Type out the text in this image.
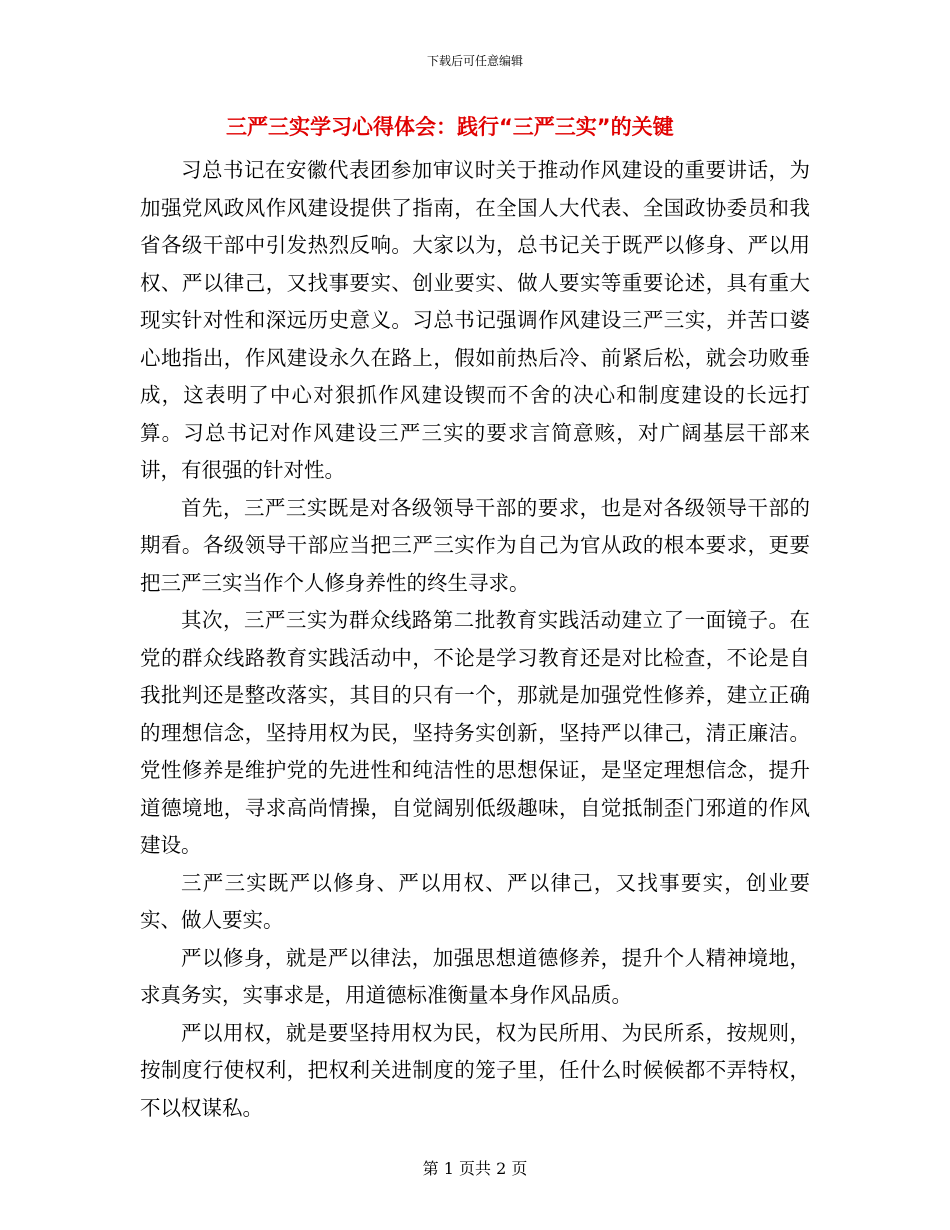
下载后可任意编辑
三严三实学习心得体会：践行“三严三实”的关键

习总书记在安徽代表团参加审议时关于推动作风建设的重要讲话，为加强党风政风作风建设提供了指南，在全国人大代表、全国政协委员和我省各级干部中引发热烈反响。大家以为，总书记关于既严以修身、严以用权、严以律己，又找事要实、创业要实、做人要实等重要论述，具有重大现实针对性和深远历史意义。习总书记强调作风建设三严三实，并苦口婆心地指出，作风建设永久在路上，假如前热后冷、前紧后松，就会功败垂成，这表明了中心对狠抓作风建设锲而不舍的决心和制度建设的长远打算。习总书记对作风建设三严三实的要求言简意赅，对广阔基层干部来讲，有很强的针对性。

首先，三严三实既是对各级领导干部的要求，也是对各级领导干部的期看。各级领导干部应当把三严三实作为自己为官从政的根本要求，更要把三严三实当作个人修身养性的终生寻求。

其次，三严三实为群众线路第二批教育实践活动建立了一面镜子。在党的群众线路教育实践活动中，不论是学习教育还是对比检查，不论是自我批判还是整改落实，其目的只有一个，那就是加强党性修养，建立正确的理想信念，坚持用权为民，坚持务实创新，坚持严以律己，清正廉洁。党性修养是维护党的先进性和纯洁性的思想保证，是坚定理想信念，提升道德境地，寻求高尚情操，自觉阔别低级趣味，自觉抵制歪门邪道的作风建设。

三严三实既严以修身、严以用权、严以律己，又找事要实，创业要实、做人要实。

严以修身，就是严以律法，加强思想道德修养，提升个人精神境地，求真务实，实事求是，用道德标准衡量本身作风品质。

严以用权，就是要坚持用权为民，权为民所用、为民所系，按规则，按制度行使权利，把权利关进制度的笼子里，任什么时候候都不弄特权，不以权谋私。

第 1 页共 2 页
